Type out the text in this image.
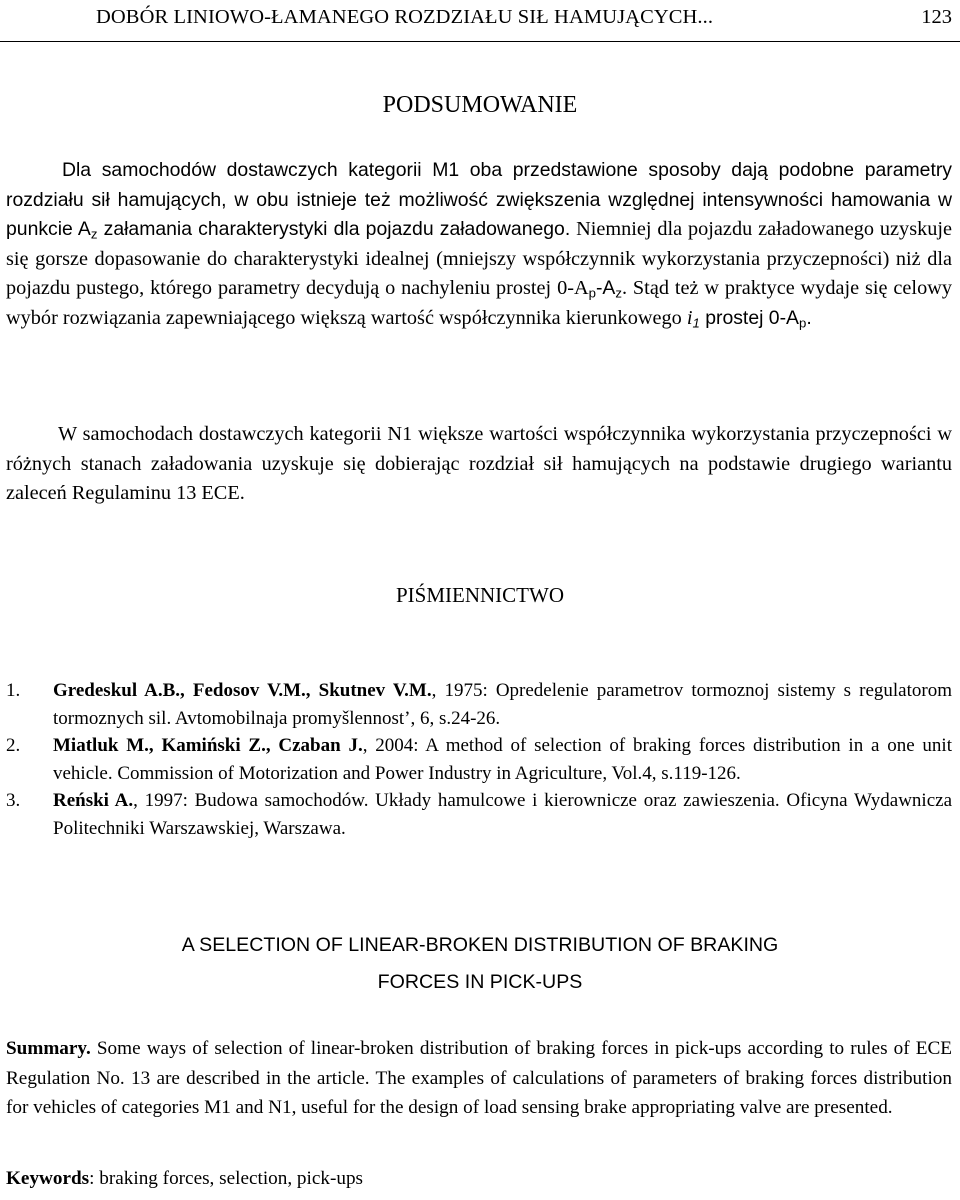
DOBÓR LINIOWO-ŁAMANEGO ROZDZIAŁU SIŁ HAMUJĄCYCH...	123
PODSUMOWANIE
Dla samochodów dostawczych kategorii M1 oba przedstawione sposoby dają podobne parametry rozdziału sił hamujących, w obu istnieje też możliwość zwiększenia względnej intensywności hamowania w punkcie $A_z$ załamania charakterystyki dla pojazdu załadowanego. Niemniej dla pojazdu załadowanego uzyskuje się gorsze dopasowanie do charakterystyki idealnej (mniejszy współczynnik wykorzystania przyczepności) niż dla pojazdu pustego, którego parametry decydują o nachyleniu prostej $0-A_p-A_z$. Stąd też w praktyce wydaje się celowy wybór rozwiązania zapewniającego większą wartość współczynnika kierunkowego $i_1$ prostej $0-A_p$.
W samochodach dostawczych kategorii N1 większe wartości współczynnika wykorzystania przyczepności w różnych stanach załadowania uzyskuje się dobierając rozdział sił hamujących na podstawie drugiego wariantu zaleceń Regulaminu 13 ECE.
PIŚMIENNICTWO
1. Gredeskul A.B., Fedosov V.M., Skutnev V.M., 1975: Opredelenie parametrov tormoznoj sistemy s regulatorom tormoznych sil. Avtomobilnaja promyšlennost’, 6, s.24-26.
2. Miatluk M., Kamiński Z., Czaban J., 2004: A method of selection of braking forces distribution in a one unit vehicle. Commission of Motorization and Power Industry in Agriculture, Vol.4, s.119-126.
3. Reński A., 1997: Budowa samochodów. Układy hamulcowe i kierownicze oraz zawieszenia. Oficyna Wydawnicza Politechniki Warszawskiej, Warszawa.
A SELECTION OF LINEAR-BROKEN DISTRIBUTION OF BRAKING
FORCES IN PICK-UPS
Summary. Some ways of selection of linear-broken distribution of braking forces in pick-ups according to rules of ECE Regulation No. 13 are described in the article. The examples of calculations of parameters of braking forces distribution for vehicles of categories M1 and N1, useful for the design of load sensing brake appropriating valve are presented.
Keywords: braking forces, selection, pick-ups
